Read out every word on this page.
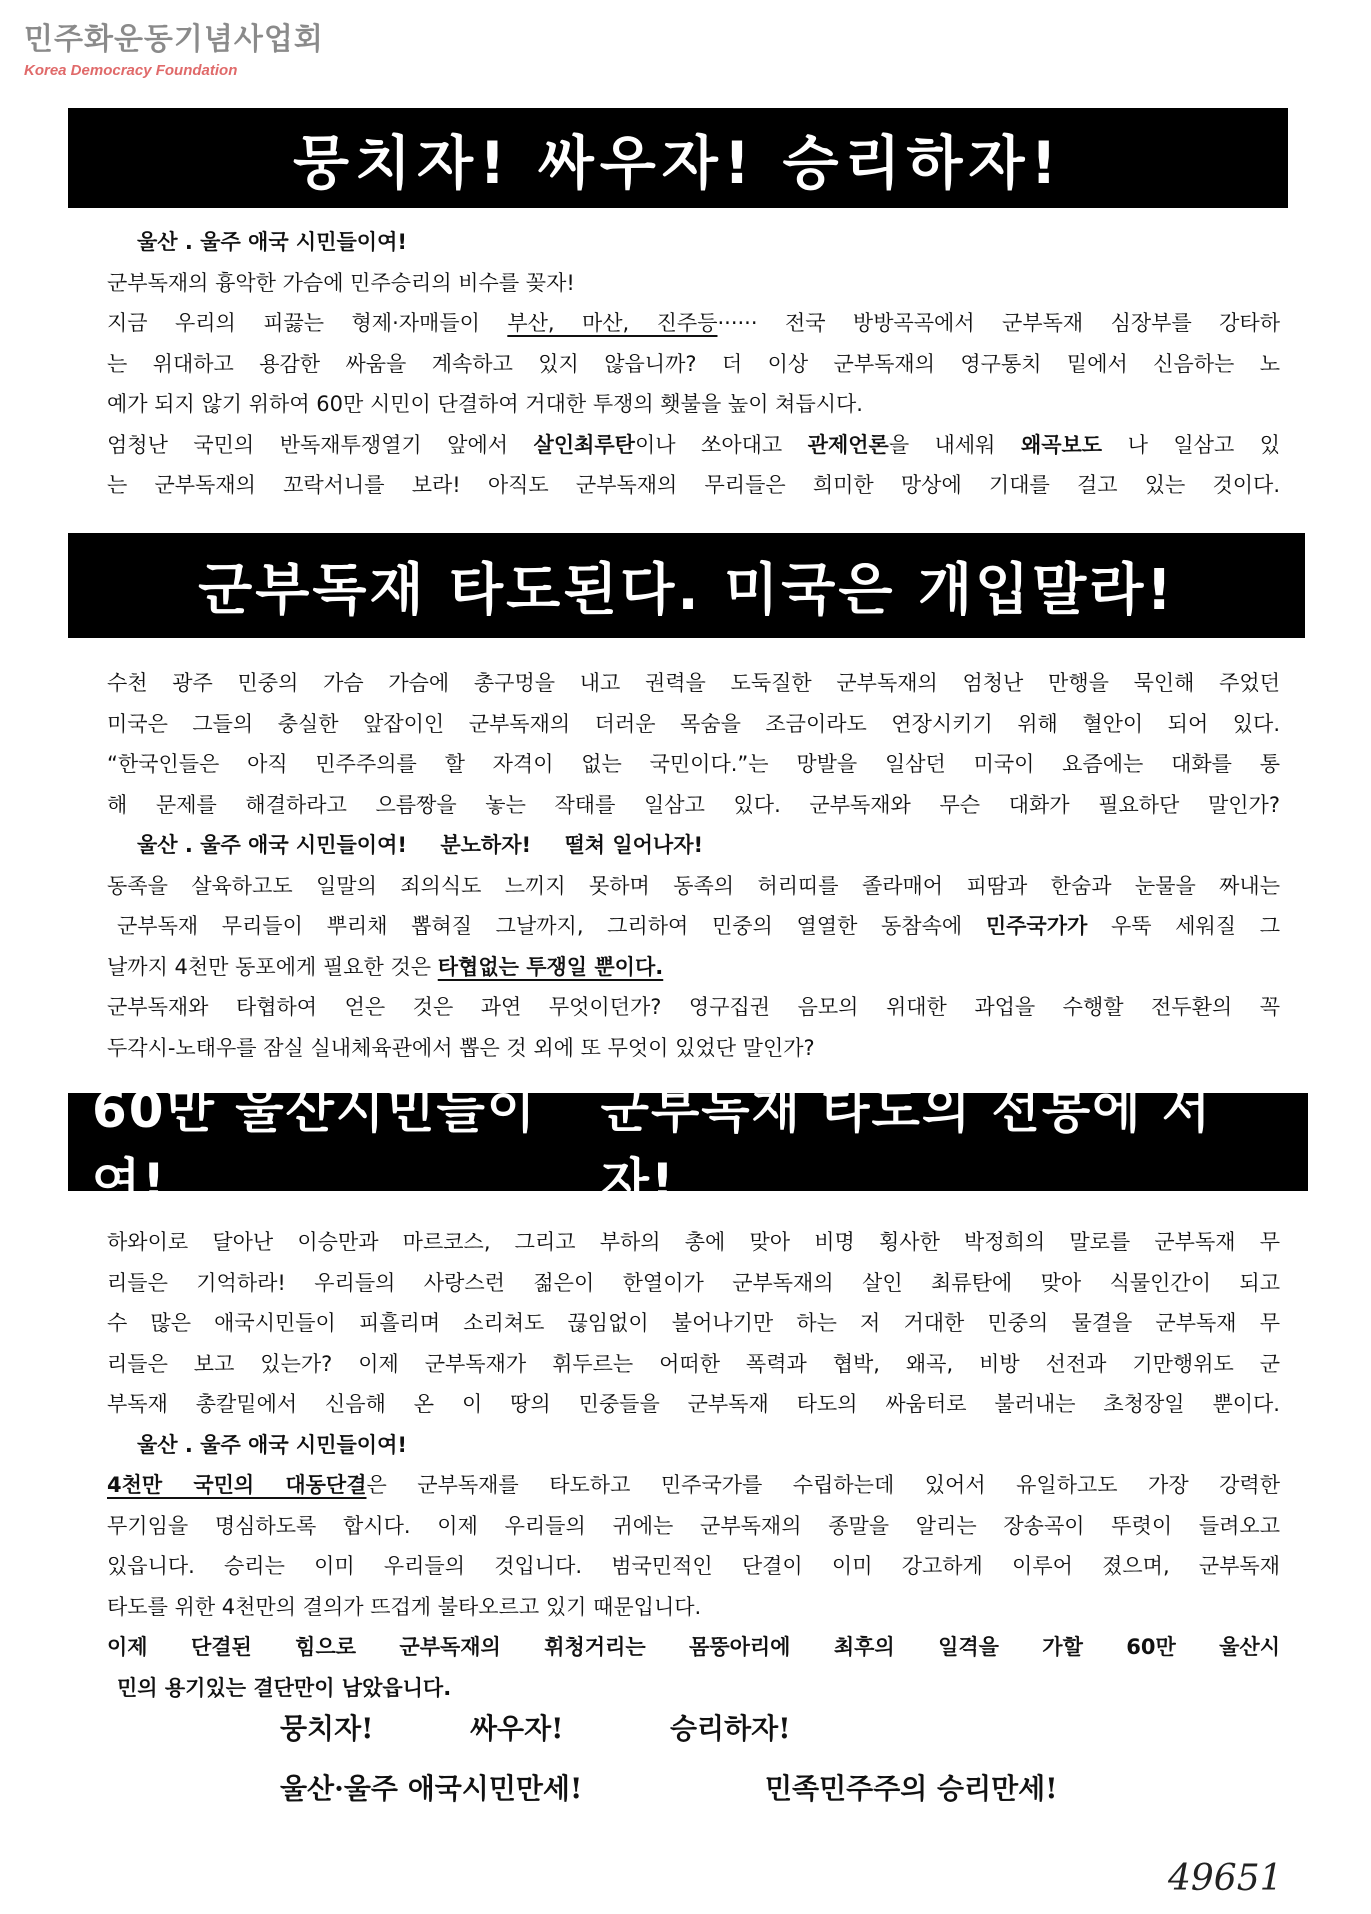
민주화운동기념사업회
Korea Democracy Foundation
뭉치자! 싸우자! 승리하자!

울산 . 울주 애국 시민들이여!

군부독재의 흉악한 가슴에 민주승리의 비수를 꽂자!

지금 우리의 피끓는 형제·자매들이 부산, 마산, 진주등······ 전국 방방곡곡에서 군부독재 심장부를 강타하

는 위대하고 용감한 싸움을 계속하고 있지 않읍니까? 더 이상 군부독재의 영구통치 밑에서 신음하는 노

예가 되지 않기 위하여 60만 시민이 단결하여 거대한 투쟁의 횃불을 높이 쳐듭시다.

엄청난 국민의 반독재투쟁열기 앞에서 살인최루탄이나 쏘아대고 관제언론을 내세워 왜곡보도 나 일삼고 있

는 군부독재의 꼬락서니를 보라! 아직도 군부독재의 무리들은 희미한 망상에 기대를 걸고 있는 것이다.

군부독재 타도된다. 미국은 개입말라!

수천 광주 민중의 가슴 가슴에 총구멍을 내고 권력을 도둑질한 군부독재의 엄청난 만행을 묵인해 주었던

미국은 그들의 충실한 앞잡이인 군부독재의 더러운 목숨을 조금이라도 연장시키기 위해 혈안이 되어 있다.

“한국인들은 아직 민주주의를 할 자격이 없는 국민이다.”는 망발을 일삼던 미국이 요즘에는 대화를 통

해 문제를 해결하라고 으름짱을 놓는 작태를 일삼고 있다. 군부독재와 무슨 대화가 필요하단 말인가?

울산 . 울주 애국 시민들이여! 분노하자! 떨쳐 일어나자!

동족을 살육하고도 일말의 죄의식도 느끼지 못하며 동족의 허리띠를 졸라매어 피땀과 한숨과 눈물을 짜내는

군부독재 무리들이 뿌리채 뽑혀질 그날까지, 그리하여 민중의 열열한 동참속에 민주국가가 우뚝 세워질 그

날까지 4천만 동포에게 필요한 것은 타협없는 투쟁일 뿐이다.

군부독재와 타협하여 얻은 것은 과연 무엇이던가? 영구집권 음모의 위대한 과업을 수행할 전두환의 꼭

두각시-노태우를 잠실 실내체육관에서 뽑은 것 외에 또 무엇이 있었단 말인가?

60만 울산시민들이여!
군부독재 타도의 선봉에 서자!

하와이로 달아난 이승만과 마르코스, 그리고 부하의 총에 맞아 비명 횡사한 박정희의 말로를 군부독재 무

리들은 기억하라! 우리들의 사랑스런 젊은이 한열이가 군부독재의 살인 최류탄에 맞아 식물인간이 되고

수 많은 애국시민들이 피흘리며 소리쳐도 끊임없이 불어나기만 하는 저 거대한 민중의 물결을 군부독재 무

리들은 보고 있는가? 이제 군부독재가 휘두르는 어떠한 폭력과 협박, 왜곡, 비방 선전과 기만행위도 군

부독재 총칼밑에서 신음해 온 이 땅의 민중들을 군부독재 타도의 싸움터로 불러내는 초청장일 뿐이다.

울산 . 울주 애국 시민들이여!

4천만 국민의 대동단결은 군부독재를 타도하고 민주국가를 수립하는데 있어서 유일하고도 가장 강력한

무기임을 명심하도록 합시다. 이제 우리들의 귀에는 군부독재의 종말을 알리는 장송곡이 뚜렷이 들려오고

있읍니다. 승리는 이미 우리들의 것입니다. 범국민적인 단결이 이미 강고하게 이루어 졌으며, 군부독재

타도를 위한 4천만의 결의가 뜨겁게 불타오르고 있기 때문입니다.

이제 단결된 힘으로 군부독재의 휘청거리는 몸뚱아리에 최후의 일격을 가할 60만 울산시

민의 용기있는 결단만이 남았읍니다.

뭉치자!	싸우자!	승리하자!
울산·울주 애국시민만세!	민족민주주의 승리만세!
49651
